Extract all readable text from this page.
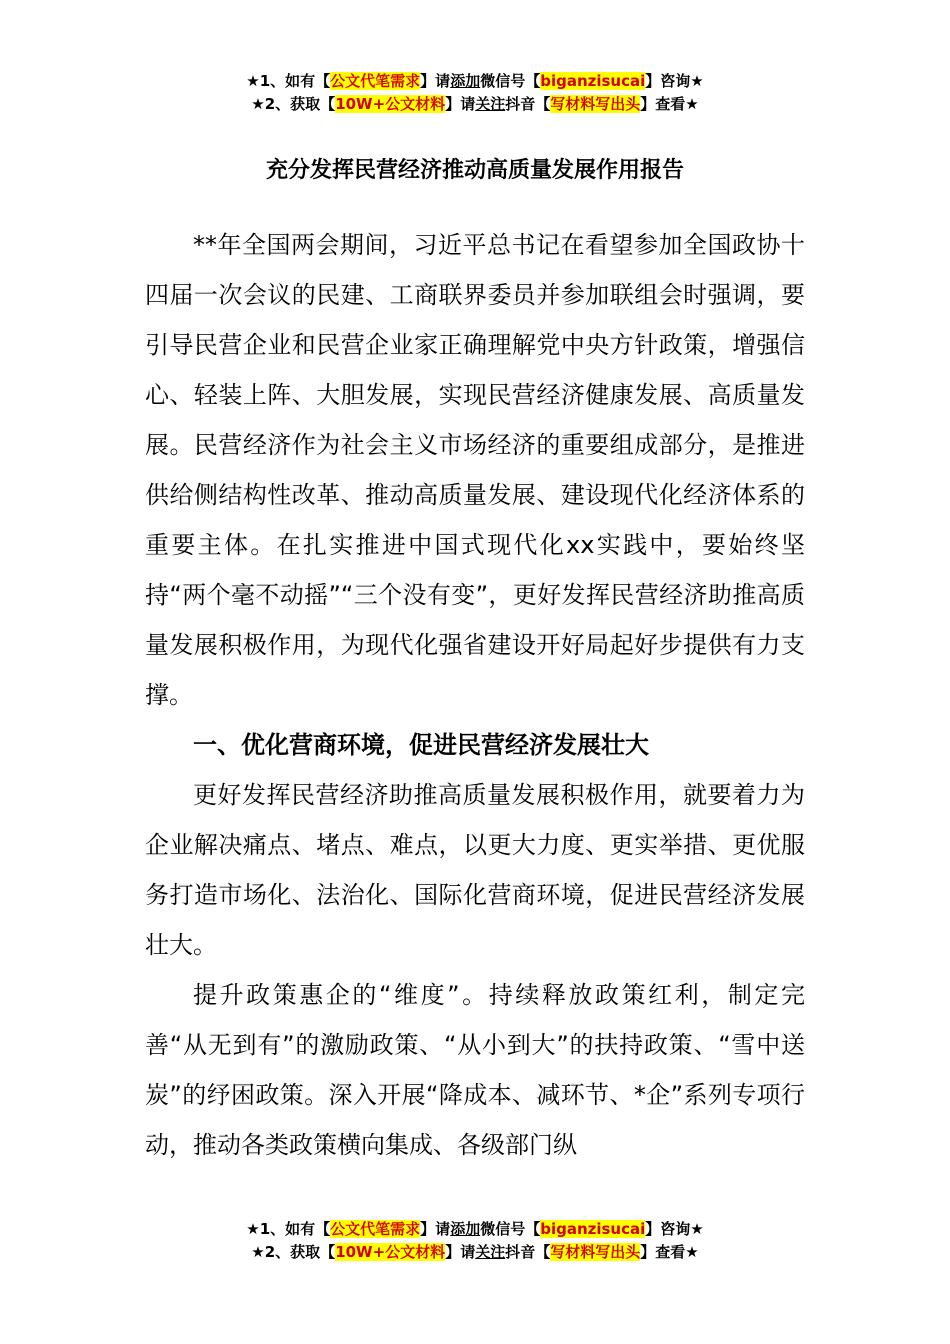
★1、如有【公文代笔需求】请添加微信号【biganzisucai】咨询★
★2、获取【10W+公文材料】请关注抖音【写材料写出头】查看★
充分发挥民营经济推动高质量发展作用报告

**年全国两会期间，习近平总书记在看望参加全国政协十四届一次会议的民建、工商联界委员并参加联组会时强调，要引导民营企业和民营企业家正确理解党中央方针政策，增强信心、轻装上阵、大胆发展，实现民营经济健康发展、高质量发展。民营经济作为社会主义市场经济的重要组成部分，是推进供给侧结构性改革、推动高质量发展、建设现代化经济体系的重要主体。在扎实推进中国式现代化xx实践中，要始终坚持“两个毫不动摇”“三个没有变”，更好发挥民营经济助推高质量发展积极作用，为现代化强省建设开好局起好步提供有力支撑。

一、优化营商环境，促进民营经济发展壮大

更好发挥民营经济助推高质量发展积极作用，就要着力为企业解决痛点、堵点、难点，以更大力度、更实举措、更优服务打造市场化、法治化、国际化营商环境，促进民营经济发展壮大。

提升政策惠企的“维度”。持续释放政策红利，制定完善“从无到有”的激励政策、“从小到大”的扶持政策、“雪中送炭”的纾困政策。深入开展“降成本、减环节、*企”系列专项行动，推动各类政策横向集成、各级部门纵

★1、如有【公文代笔需求】请添加微信号【biganzisucai】咨询★
★2、获取【10W+公文材料】请关注抖音【写材料写出头】查看★
